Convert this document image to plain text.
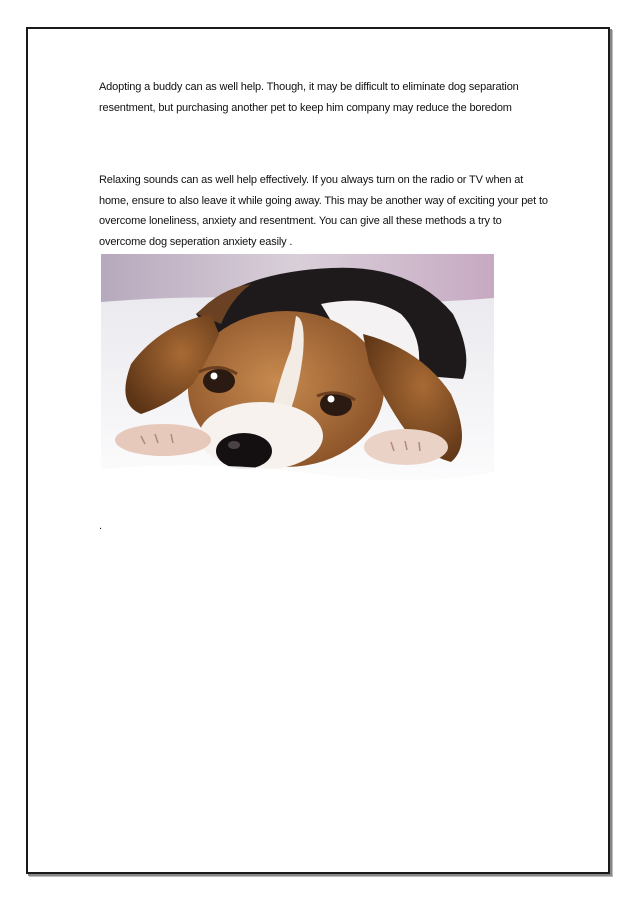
Adopting a buddy can as well help. Though, it may be difficult to eliminate dog separation resentment, but purchasing another pet to keep him company may reduce the boredom

Relaxing sounds can as well help effectively. If you always turn on the radio or TV when at home, ensure to also leave it while going away. This may be another way of exciting your pet to overcome loneliness, anxiety and resentment. You can give all these methods a try to overcome dog seperation anxiety easily .

.
